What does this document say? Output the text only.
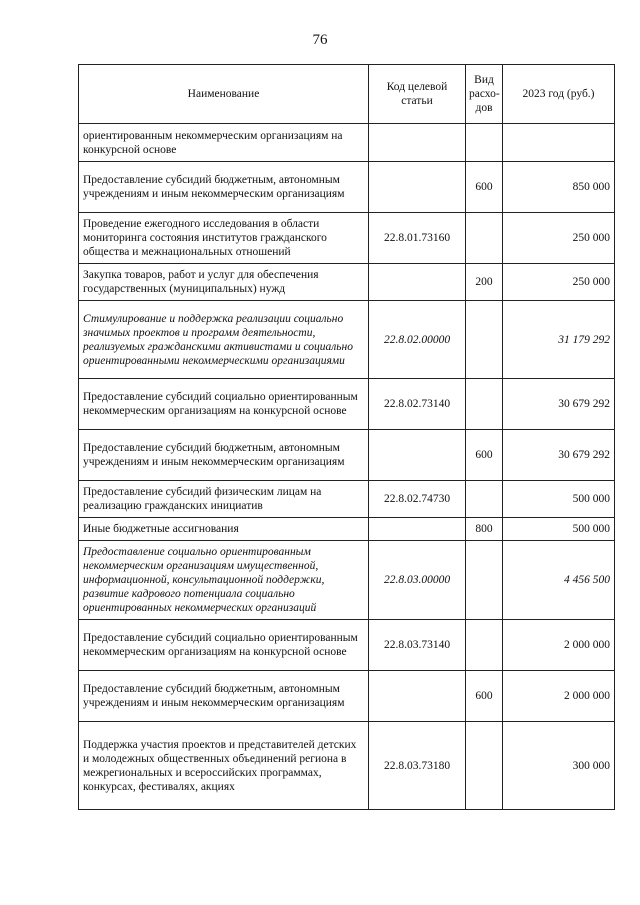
76
Наименование	Код целевой статьи	Вид расхо-дов	2023 год (руб.)
ориентированным некоммерческим организациям на конкурсной основе			
Предоставление субсидий бюджетным, автономным учреждениям и иным некоммерческим организациям		600	850 000
Проведение ежегодного исследования в области мониторинга состояния институтов гражданского общества и межнациональных отношений	22.8.01.73160		250 000
Закупка товаров, работ и услуг для обеспечения государственных (муниципальных) нужд		200	250 000
Стимулирование и поддержка реализации социально значимых проектов и программ деятельности, реализуемых гражданскими активистами и социально ориентированными некоммерческими организациями	22.8.02.00000		31 179 292
Предоставление субсидий социально ориентированным некоммерческим организациям на конкурсной основе	22.8.02.73140		30 679 292
Предоставление субсидий бюджетным, автономным учреждениям и иным некоммерческим организациям		600	30 679 292
Предоставление субсидий физическим лицам на реализацию гражданских инициатив	22.8.02.74730		500 000
Иные бюджетные ассигнования		800	500 000
Предоставление социально ориентированным некоммерческим организациям имущественной, информационной, консультационной поддержки, развитие кадрового потенциала социально ориентированных некоммерческих организаций	22.8.03.00000		4 456 500
Предоставление субсидий социально ориентированным некоммерческим организациям на конкурсной основе	22.8.03.73140		2 000 000
Предоставление субсидий бюджетным, автономным учреждениям и иным некоммерческим организациям		600	2 000 000
Поддержка участия проектов и представителей детских и молодежных общественных объединений региона в межрегиональных и всероссийских программах, конкурсах, фестивалях, акциях	22.8.03.73180		300 000
